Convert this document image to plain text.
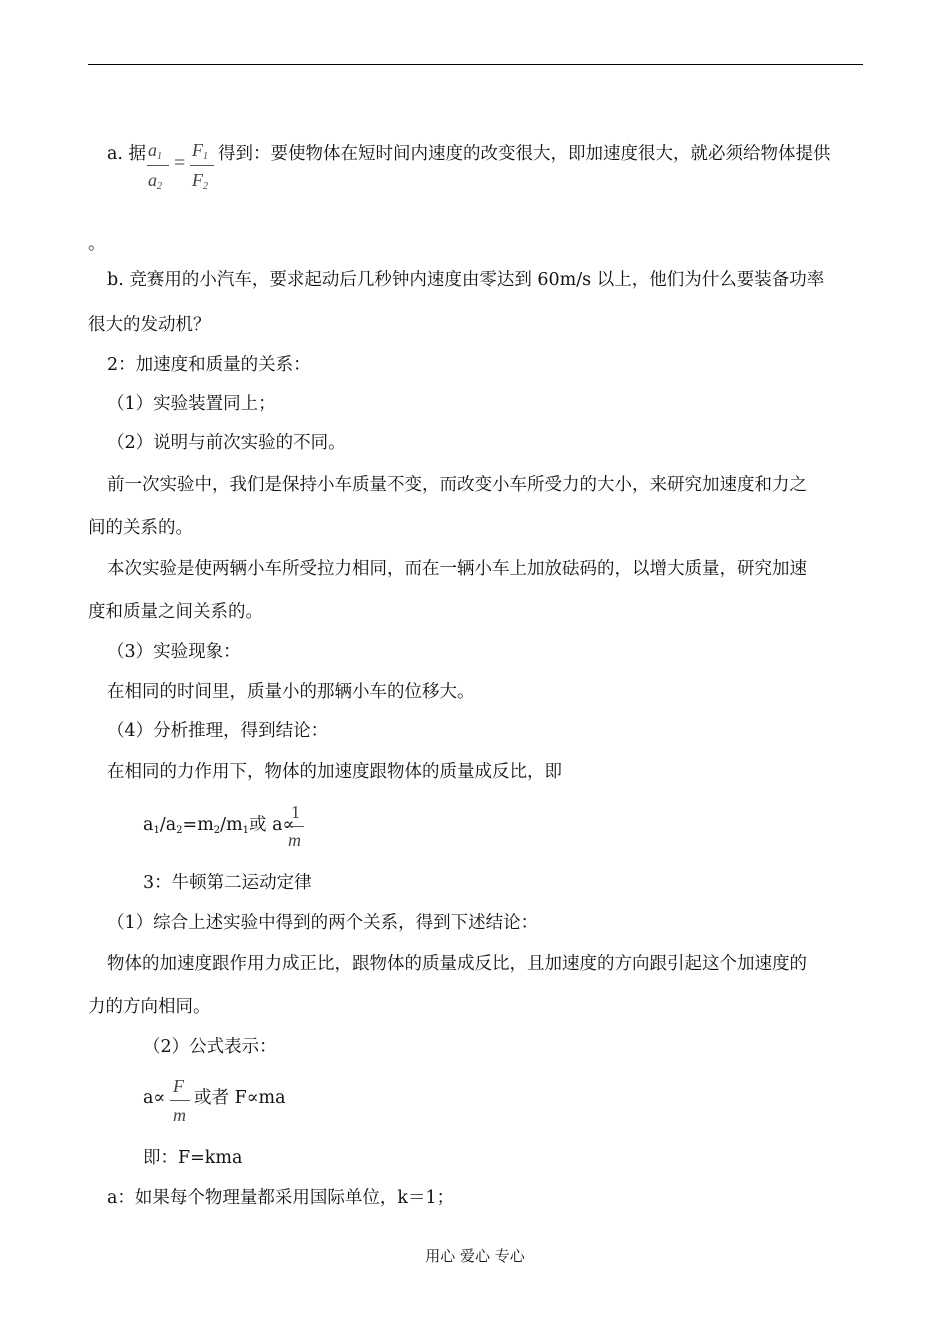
a. 据 $a_1$
$a_2$
=
$F_1$
$F_2$
得到：要使物体在短时间内速度的改变很大，即加速度很大，就必须给物体提供
。
b. 竞赛用的小汽车，要求起动后几秒钟内速度由零达到 60m/s 以上，他们为什么要装备功率
很大的发动机？
2：加速度和质量的关系：
（1）实验装置同上；
（2）说明与前次实验的不同。
前一次实验中，我们是保持小车质量不变，而改变小车所受力的大小，来研究加速度和力之
间的关系的。
本次实验是使两辆小车所受拉力相同，而在一辆小车上加放砝码的，以增大质量，研究加速
度和质量之间关系的。
（3）实验现象：
在相同的时间里，质量小的那辆小车的位移大。
（4）分析推理，得到结论：
在相同的力作用下，物体的加速度跟物体的质量成反比，即
$a_1/a_2=m_2/m_1$或 a∝
1
m
3：牛顿第二运动定律
（1）综合上述实验中得到的两个关系，得到下述结论：
物体的加速度跟作用力成正比，跟物体的质量成反比，且加速度的方向跟引起这个加速度的
力的方向相同。
（2）公式表示：
a∝
F
m
或者 F∝ma
即：F=kma
a：如果每个物理量都采用国际单位，k＝1；
用心 爱心 专心
